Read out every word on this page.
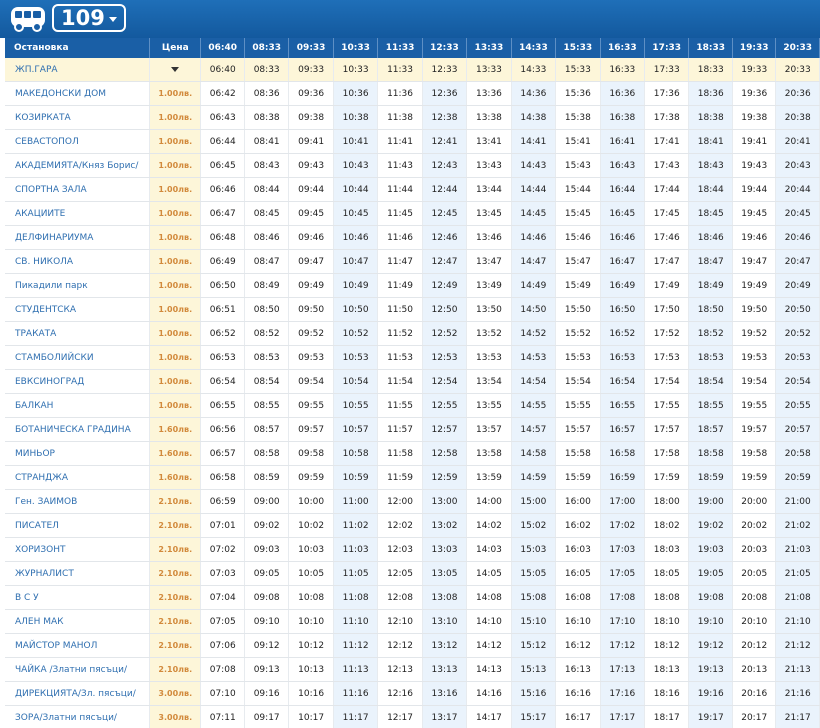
109
Остановка	Цена	06:40	08:33	09:33	10:33	11:33	12:33	13:33	14:33	15:33	16:33	17:33	18:33	19:33	20:33
ЖП.ГАРА		06:40	08:33	09:33	10:33	11:33	12:33	13:33	14:33	15:33	16:33	17:33	18:33	19:33	20:33
МАКЕДОНСКИ ДОМ	1.00лв.	06:42	08:36	09:36	10:36	11:36	12:36	13:36	14:36	15:36	16:36	17:36	18:36	19:36	20:36
КОЗИРКАТА	1.00лв.	06:43	08:38	09:38	10:38	11:38	12:38	13:38	14:38	15:38	16:38	17:38	18:38	19:38	20:38
СЕВАСТОПОЛ	1.00лв.	06:44	08:41	09:41	10:41	11:41	12:41	13:41	14:41	15:41	16:41	17:41	18:41	19:41	20:41
АКАДЕМИЯТА/Княз Борис/	1.00лв.	06:45	08:43	09:43	10:43	11:43	12:43	13:43	14:43	15:43	16:43	17:43	18:43	19:43	20:43
СПОРТНА ЗАЛА	1.00лв.	06:46	08:44	09:44	10:44	11:44	12:44	13:44	14:44	15:44	16:44	17:44	18:44	19:44	20:44
АКАЦИИТЕ	1.00лв.	06:47	08:45	09:45	10:45	11:45	12:45	13:45	14:45	15:45	16:45	17:45	18:45	19:45	20:45
ДЕЛФИНАРИУМА	1.00лв.	06:48	08:46	09:46	10:46	11:46	12:46	13:46	14:46	15:46	16:46	17:46	18:46	19:46	20:46
СВ. НИКОЛА	1.00лв.	06:49	08:47	09:47	10:47	11:47	12:47	13:47	14:47	15:47	16:47	17:47	18:47	19:47	20:47
Пикадили парк	1.00лв.	06:50	08:49	09:49	10:49	11:49	12:49	13:49	14:49	15:49	16:49	17:49	18:49	19:49	20:49
СТУДЕНТСКА	1.00лв.	06:51	08:50	09:50	10:50	11:50	12:50	13:50	14:50	15:50	16:50	17:50	18:50	19:50	20:50
ТРАКАТА	1.00лв.	06:52	08:52	09:52	10:52	11:52	12:52	13:52	14:52	15:52	16:52	17:52	18:52	19:52	20:52
СТАМБОЛИЙСКИ	1.00лв.	06:53	08:53	09:53	10:53	11:53	12:53	13:53	14:53	15:53	16:53	17:53	18:53	19:53	20:53
ЕВКСИНОГРАД	1.00лв.	06:54	08:54	09:54	10:54	11:54	12:54	13:54	14:54	15:54	16:54	17:54	18:54	19:54	20:54
БАЛКАН	1.00лв.	06:55	08:55	09:55	10:55	11:55	12:55	13:55	14:55	15:55	16:55	17:55	18:55	19:55	20:55
БОТАНИЧЕСКА ГРАДИНА	1.60лв.	06:56	08:57	09:57	10:57	11:57	12:57	13:57	14:57	15:57	16:57	17:57	18:57	19:57	20:57
МИНЬОР	1.60лв.	06:57	08:58	09:58	10:58	11:58	12:58	13:58	14:58	15:58	16:58	17:58	18:58	19:58	20:58
СТРАНДЖА	1.60лв.	06:58	08:59	09:59	10:59	11:59	12:59	13:59	14:59	15:59	16:59	17:59	18:59	19:59	20:59
Ген. ЗАИМОВ	2.10лв.	06:59	09:00	10:00	11:00	12:00	13:00	14:00	15:00	16:00	17:00	18:00	19:00	20:00	21:00
ПИСАТЕЛ	2.10лв.	07:01	09:02	10:02	11:02	12:02	13:02	14:02	15:02	16:02	17:02	18:02	19:02	20:02	21:02
ХОРИЗОНТ	2.10лв.	07:02	09:03	10:03	11:03	12:03	13:03	14:03	15:03	16:03	17:03	18:03	19:03	20:03	21:03
ЖУРНАЛИСТ	2.10лв.	07:03	09:05	10:05	11:05	12:05	13:05	14:05	15:05	16:05	17:05	18:05	19:05	20:05	21:05
В С У	2.10лв.	07:04	09:08	10:08	11:08	12:08	13:08	14:08	15:08	16:08	17:08	18:08	19:08	20:08	21:08
АЛЕН МАК	2.10лв.	07:05	09:10	10:10	11:10	12:10	13:10	14:10	15:10	16:10	17:10	18:10	19:10	20:10	21:10
МАЙСТОР МАНОЛ	2.10лв.	07:06	09:12	10:12	11:12	12:12	13:12	14:12	15:12	16:12	17:12	18:12	19:12	20:12	21:12
ЧАЙКА /Златни пясъци/	2.10лв.	07:08	09:13	10:13	11:13	12:13	13:13	14:13	15:13	16:13	17:13	18:13	19:13	20:13	21:13
ДИРЕКЦИЯТА/Зл. пясъци/	3.00лв.	07:10	09:16	10:16	11:16	12:16	13:16	14:16	15:16	16:16	17:16	18:16	19:16	20:16	21:16
ЗОРА/Златни пясъци/	3.00лв.	07:11	09:17	10:17	11:17	12:17	13:17	14:17	15:17	16:17	17:17	18:17	19:17	20:17	21:17
